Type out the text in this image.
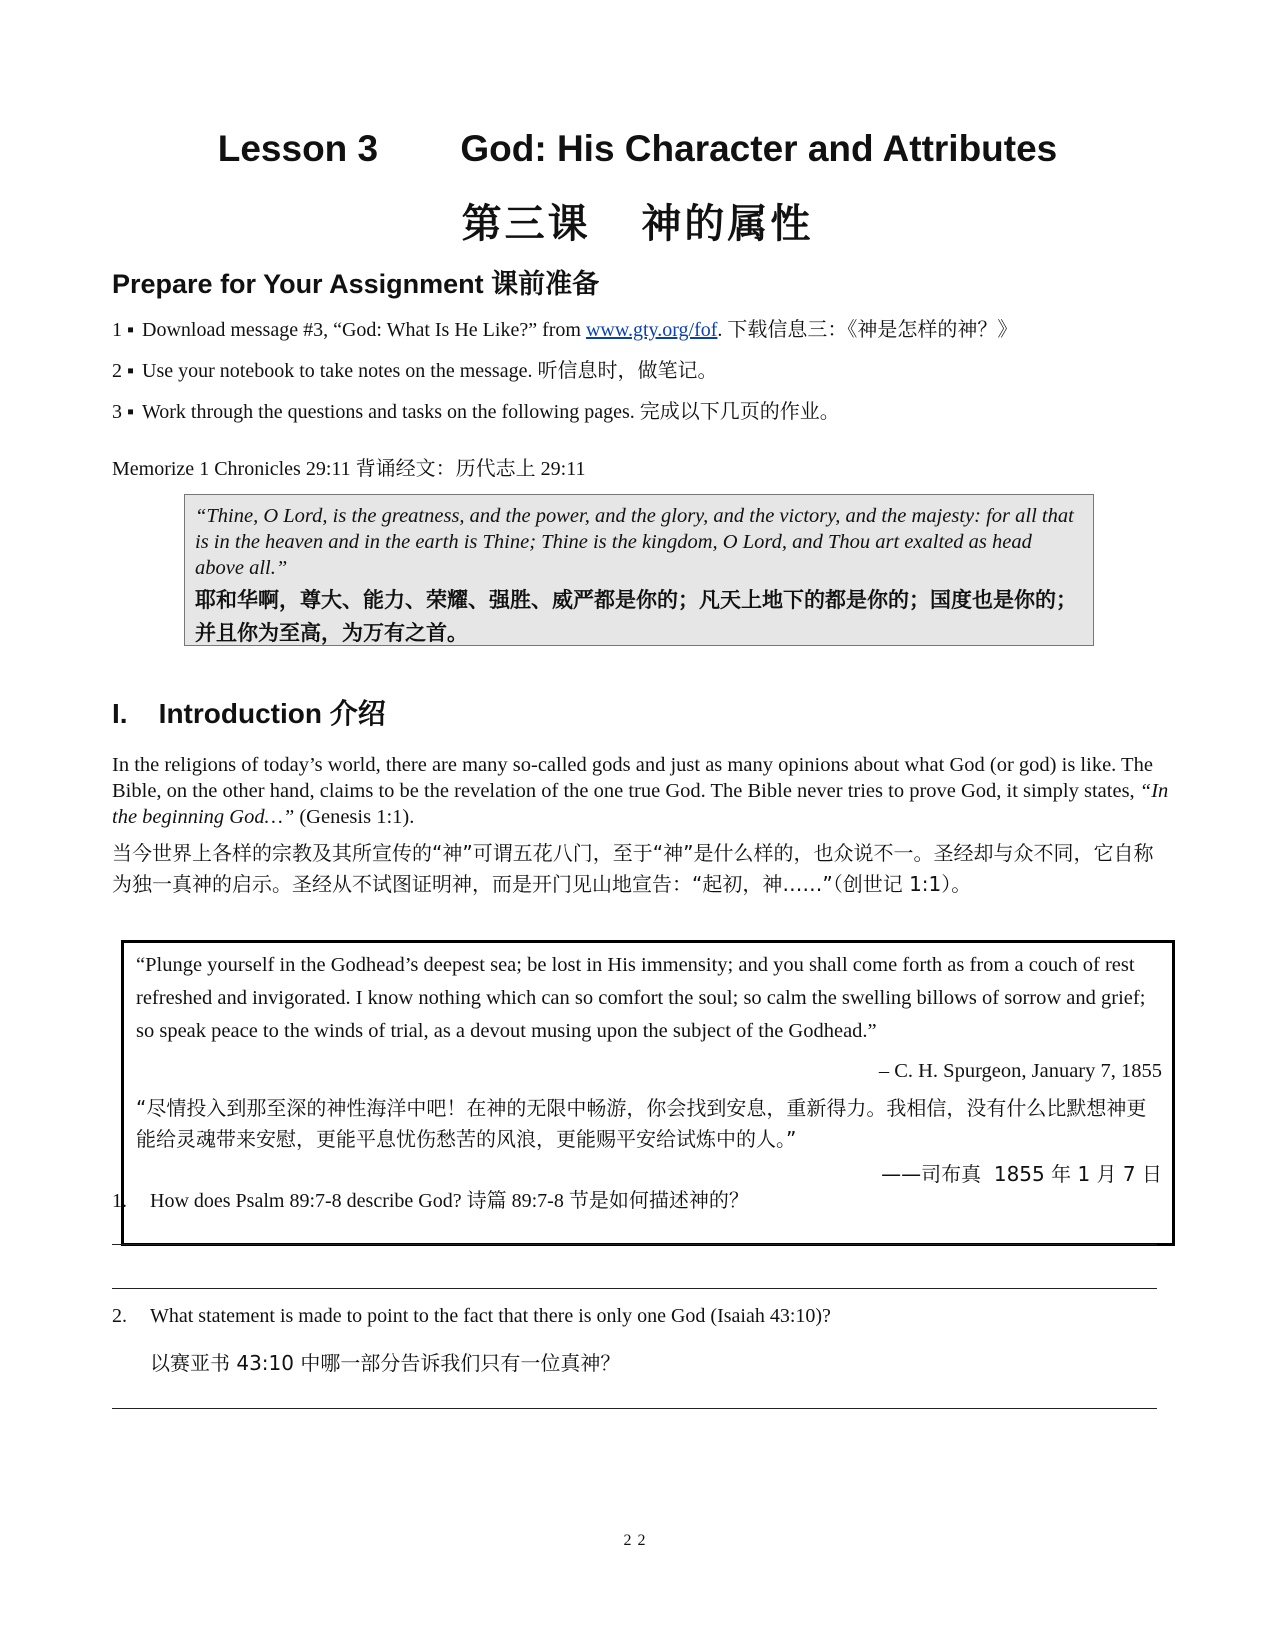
Lesson 3        God: His Character and Attributes
第三课   神的属性
Prepare for Your Assignment 课前准备
1 ▪ Download message #3, “God: What Is He Like?” from www.gty.org/fof. 下载信息三：《神是怎样的神？》
2 ▪ Use your notebook to take notes on the message. 听信息时，做笔记。
3 ▪ Work through the questions and tasks on the following pages. 完成以下几页的作业。
Memorize 1 Chronicles 29:11 背诵经文：历代志上 29:11
“Thine, O Lord, is the greatness, and the power, and the glory, and the victory, and the majesty: for all that is in the heaven and in the earth is Thine; Thine is the kingdom, O Lord, and Thou art exalted as head above all.”
耶和华啊，尊大、能力、荣耀、强胜、威严都是你的；凡天上地下的都是你的；国度也是你的；并且你为至高，为万有之首。
I.    Introduction 介绍
In the religions of today’s world, there are many so-called gods and just as many opinions about what God (or god) is like. The Bible, on the other hand, claims to be the revelation of the one true God. The Bible never tries to prove God, it simply states, “In the beginning God…” (Genesis 1:1).
当今世界上各样的宗教及其所宣传的“神”可谓五花八门，至于“神”是什么样的，也众说不一。圣经却与众不同，它自称为独一真神的启示。圣经从不试图证明神，而是开门见山地宣告：“起初，神……”（创世记 1:1）。
“Plunge yourself in the Godhead’s deepest sea; be lost in His immensity; and you shall come forth as from a couch of rest refreshed and invigorated. I know nothing which can so comfort the soul; so calm the swelling billows of sorrow and grief; so speak peace to the winds of trial, as a devout musing upon the subject of the Godhead.”
– C. H. Spurgeon, January 7, 1855
“尽情投入到那至深的神性海洋中吧！在神的无限中畅游，你会找到安息，重新得力。我相信，没有什么比默想神更能给灵魂带来安慰，更能平息忧伤愁苦的风浪，更能赐平安给试炼中的人。”
——司布真  1855 年 1 月 7 日
1. How does Psalm 89:7-8 describe God? 诗篇 89:7-8 节是如何描述神的？
2. What statement is made to point to the fact that there is only one God (Isaiah 43:10)?
以赛亚书 43:10 中哪一部分告诉我们只有一位真神？
22
